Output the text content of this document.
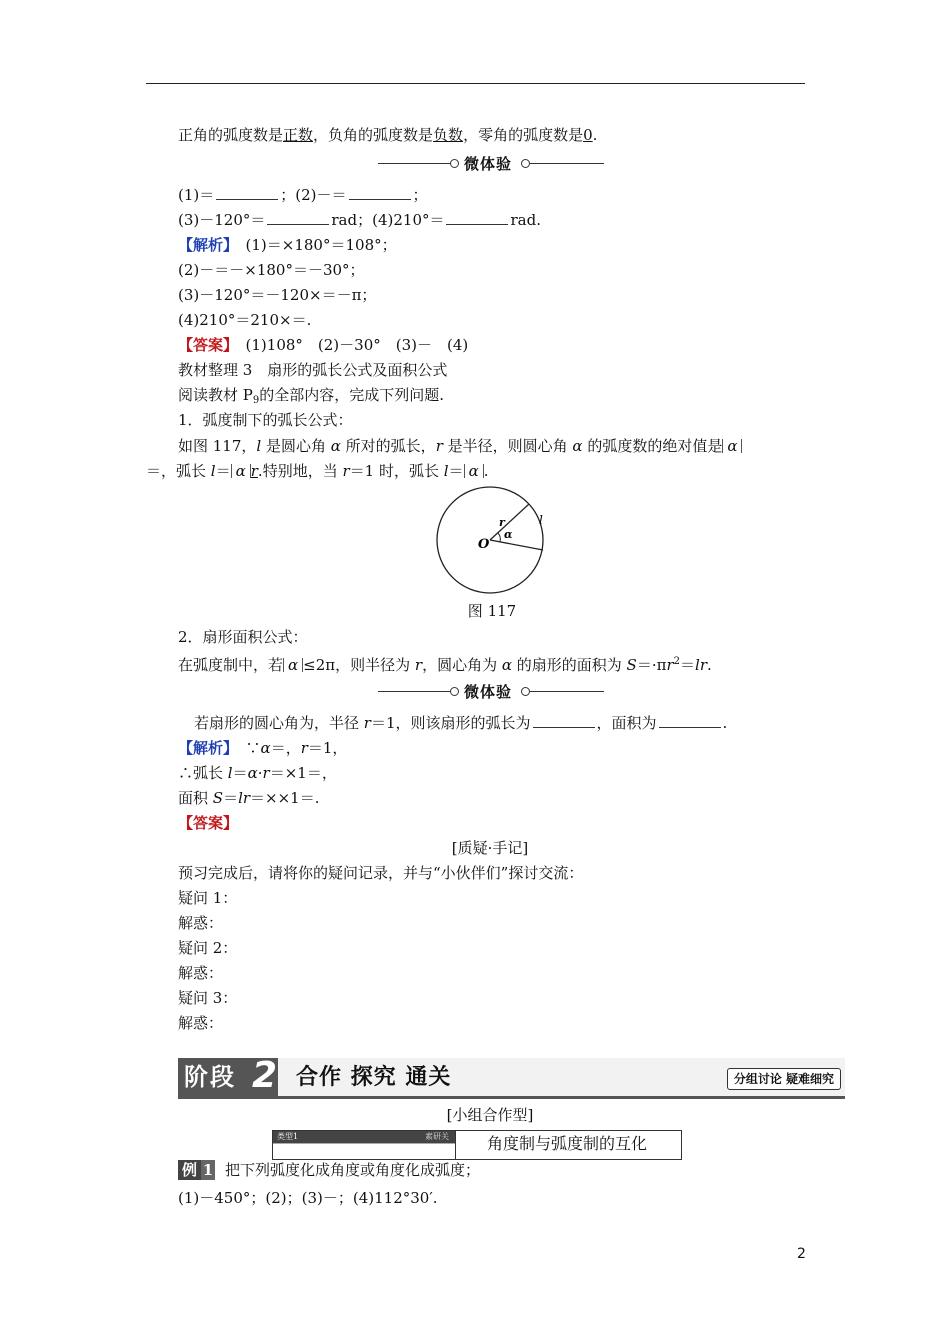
正角的弧度数是正数，负角的弧度数是负数，零角的弧度数是0.
微体验
(1)＝	；(2)－＝	；
(3)－120°＝	rad；(4)210°＝	rad.
【解析】　 (1)＝×180°＝108°；
(2)－＝－×180°＝－30°；
(3)－120°＝－120×＝－π；
(4)210°＝210×＝.
【答案】　 (1)108°　(2)－30°　(3)－　(4)
教材整理 3　扇形的弧长公式及面积公式
阅读教材 $P_9$的全部内容，完成下列问题.
1．弧度制下的弧长公式：
如图 117，l 是圆心角 α 所对的弧长，r 是半径，则圆心角 α 的弧度数的绝对值是 α
＝，弧长 l＝ α r.特别地，当 r＝1 时，弧长 l＝ α .
O
r
α
l
图 117
2．扇形面积公式：
在弧度制中，若 α ≤2π，则半径为 r，圆心角为 α 的扇形的面积为 $S=\cdot\pi r^2=lr$.
微体验
若扇形的圆心角为，半径 r＝1，则该扇形的弧长为	，面积为	.
【解析】　 ∵α＝，r＝1，
∴弧长 l＝α·r＝×1＝，
面积 S＝lr＝××1＝.
【答案】
[质疑·手记]
预习完成后，请将你的疑问记录，并与“小伙伴们”探讨交流：
疑问 1：
解惑：
疑问 2：
解惑：
疑问 3：
解惑：
阶段 2 合作 探究 通关	分组讨论 疑难细究
[小组合作型]
类型1	素研关 角度制与弧度制的互化
例 1 把下列弧度化成角度或角度化成弧度；
(1)－450°；(2)；(3)－；(4)112°30′.
2
